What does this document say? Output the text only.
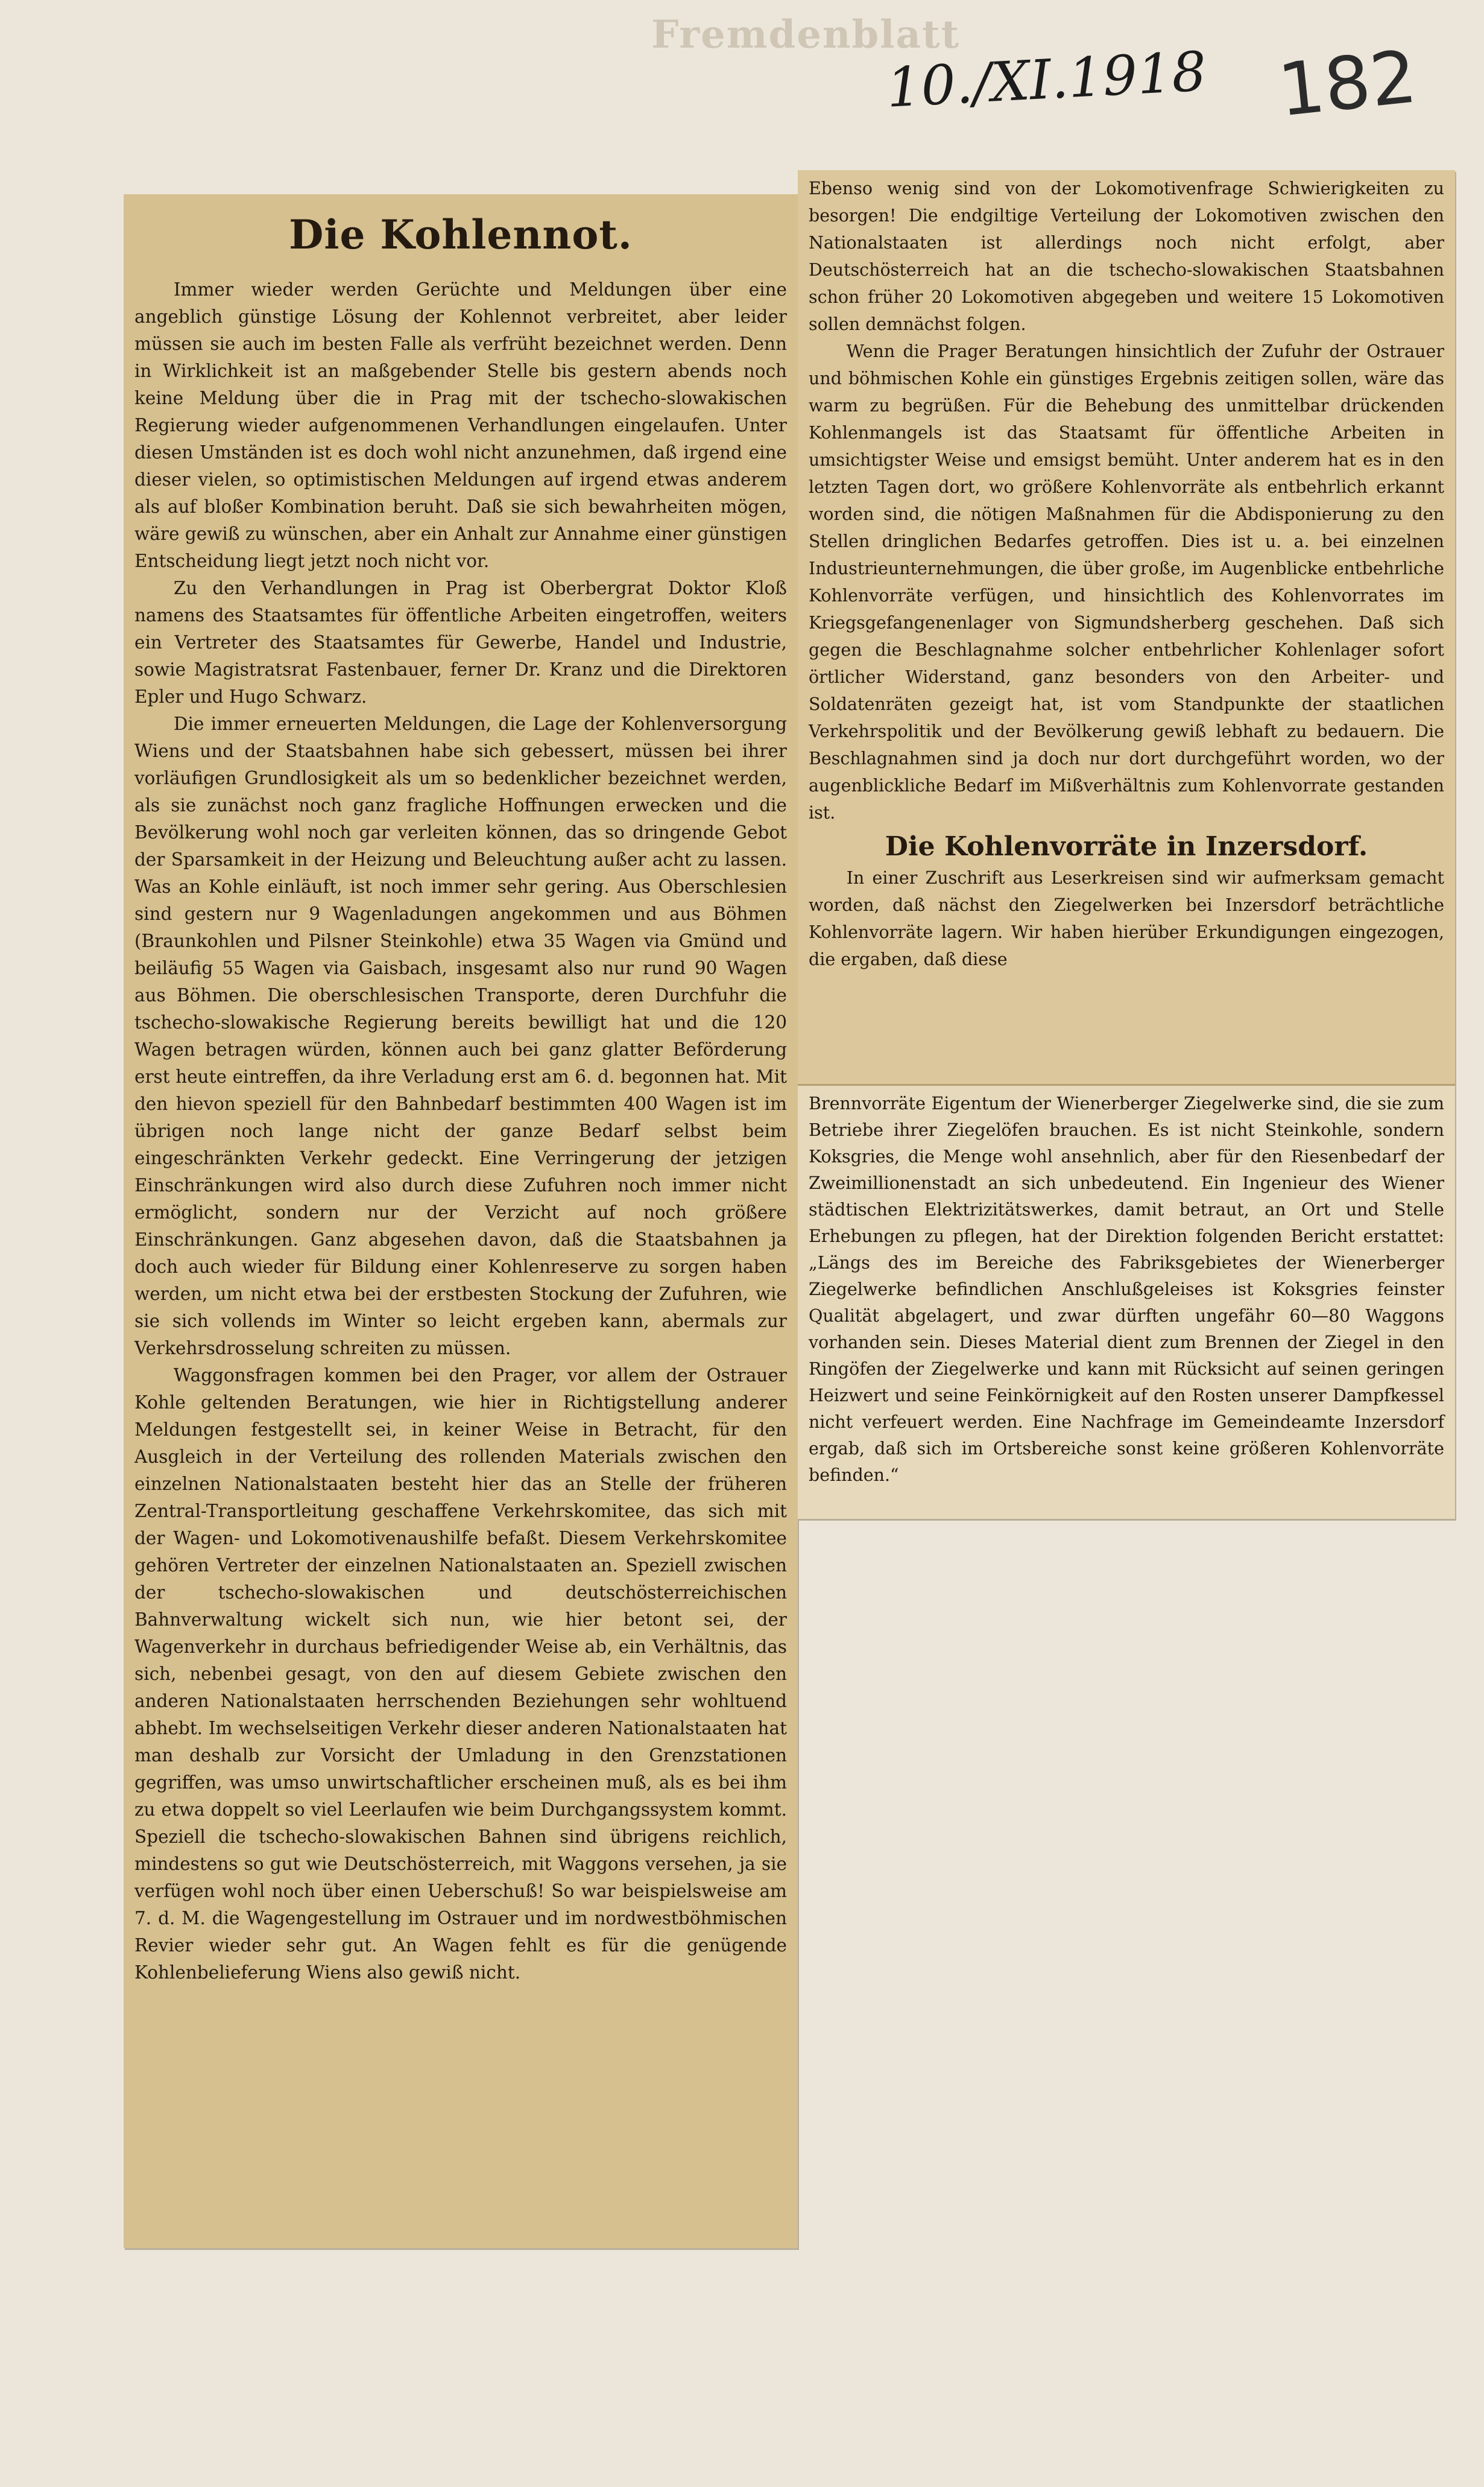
Fremdenblatt
10./XI.1918 182
Die Kohlennot.

Immer wieder werden Gerüchte und Meldungen über eine angeblich günstige Lösung der Kohlennot verbreitet, aber leider müssen sie auch im besten Falle als verfrüht bezeichnet werden. Denn in Wirklichkeit ist an maßgebender Stelle bis gestern abends noch keine Meldung über die in Prag mit der tschecho-slowakischen Regierung wieder aufgenommenen Verhandlungen eingelaufen. Unter diesen Umständen ist es doch wohl nicht anzunehmen, daß irgend eine dieser vielen, so optimistischen Meldungen auf irgend etwas anderem als auf bloßer Kombination beruht. Daß sie sich bewahrheiten mögen, wäre gewiß zu wünschen, aber ein Anhalt zur Annahme einer günstigen Entscheidung liegt jetzt noch nicht vor.

Zu den Verhandlungen in Prag ist Oberbergrat Doktor Kloß namens des Staatsamtes für öffentliche Arbeiten eingetroffen, weiters ein Vertreter des Staatsamtes für Gewerbe, Handel und Industrie, sowie Magistratsrat Fastenbauer, ferner Dr. Kranz und die Direktoren Epler und Hugo Schwarz.

Die immer erneuerten Meldungen, die Lage der Kohlenversorgung Wiens und der Staatsbahnen habe sich gebessert, müssen bei ihrer vorläufigen Grundlosigkeit als um so bedenklicher bezeichnet werden, als sie zunächst noch ganz fragliche Hoffnungen erwecken und die Bevölkerung wohl noch gar verleiten können, das so dringende Gebot der Sparsamkeit in der Heizung und Beleuchtung außer acht zu lassen. Was an Kohle einläuft, ist noch immer sehr gering. Aus Oberschlesien sind gestern nur 9 Wagenladungen angekommen und aus Böhmen (Braunkohlen und Pilsner Steinkohle) etwa 35 Wagen via Gmünd und beiläufig 55 Wagen via Gaisbach, insgesamt also nur rund 90 Wagen aus Böhmen. Die oberschlesischen Transporte, deren Durchfuhr die tschecho-slowakische Regierung bereits bewilligt hat und die 120 Wagen betragen würden, können auch bei ganz glatter Beförderung erst heute eintreffen, da ihre Verladung erst am 6. d. begonnen hat. Mit den hievon speziell für den Bahnbedarf bestimmten 400 Wagen ist im übrigen noch lange nicht der ganze Bedarf selbst beim eingeschränkten Verkehr gedeckt. Eine Verringerung der jetzigen Einschränkungen wird also durch diese Zufuhren noch immer nicht ermöglicht, sondern nur der Verzicht auf noch größere Einschränkungen. Ganz abgesehen davon, daß die Staatsbahnen ja doch auch wieder für Bildung einer Kohlenreserve zu sorgen haben werden, um nicht etwa bei der erstbesten Stockung der Zufuhren, wie sie sich vollends im Winter so leicht ergeben kann, abermals zur Verkehrsdrosselung schreiten zu müssen.

Waggonsfragen kommen bei den Prager, vor allem der Ostrauer Kohle geltenden Beratungen, wie hier in Richtigstellung anderer Meldungen festgestellt sei, in keiner Weise in Betracht, für den Ausgleich in der Verteilung des rollenden Materials zwischen den einzelnen Nationalstaaten besteht hier das an Stelle der früheren Zentral-Transportleitung geschaffene Verkehrskomitee, das sich mit der Wagen- und Lokomotivenaushilfe befaßt. Diesem Verkehrskomitee gehören Vertreter der einzelnen Nationalstaaten an. Speziell zwischen der tschecho-slowakischen und deutschösterreichischen Bahnverwaltung wickelt sich nun, wie hier betont sei, der Wagenverkehr in durchaus befriedigender Weise ab, ein Verhältnis, das sich, nebenbei gesagt, von den auf diesem Gebiete zwischen den anderen Nationalstaaten herrschenden Beziehungen sehr wohltuend abhebt. Im wechselseitigen Verkehr dieser anderen Nationalstaaten hat man deshalb zur Vorsicht der Umladung in den Grenzstationen gegriffen, was umso unwirtschaftlicher erscheinen muß, als es bei ihm zu etwa doppelt so viel Leerlaufen wie beim Durchgangssystem kommt. Speziell die tschecho-slowakischen Bahnen sind übrigens reichlich, mindestens so gut wie Deutschösterreich, mit Waggons versehen, ja sie verfügen wohl noch über einen Ueberschuß! So war beispielsweise am 7. d. M. die Wagengestellung im Ostrauer und im nordwestböhmischen Revier wieder sehr gut. An Wagen fehlt es für die genügende Kohlenbelieferung Wiens also gewiß nicht.

Ebenso wenig sind von der Lokomotivenfrage Schwierigkeiten zu besorgen! Die endgiltige Verteilung der Lokomotiven zwischen den Nationalstaaten ist allerdings noch nicht erfolgt, aber Deutschösterreich hat an die tschecho-slowakischen Staatsbahnen schon früher 20 Lokomotiven abgegeben und weitere 15 Lokomotiven sollen demnächst folgen.

Wenn die Prager Beratungen hinsichtlich der Zufuhr der Ostrauer und böhmischen Kohle ein günstiges Ergebnis zeitigen sollen, wäre das warm zu begrüßen. Für die Behebung des unmittelbar drückenden Kohlenmangels ist das Staatsamt für öffentliche Arbeiten in umsichtigster Weise und emsigst bemüht. Unter anderem hat es in den letzten Tagen dort, wo größere Kohlenvorräte als entbehrlich erkannt worden sind, die nötigen Maßnahmen für die Abdisponierung zu den Stellen dringlichen Bedarfes getroffen. Dies ist u. a. bei einzelnen Industrieunternehmungen, die über große, im Augenblicke entbehrliche Kohlenvorräte verfügen, und hinsichtlich des Kohlenvorrates im Kriegsgefangenenlager von Sigmundsherberg geschehen. Daß sich gegen die Beschlagnahme solcher entbehrlicher Kohlenlager sofort örtlicher Widerstand, ganz besonders von den Arbeiter- und Soldatenräten gezeigt hat, ist vom Standpunkte der staatlichen Verkehrspolitik und der Bevölkerung gewiß lebhaft zu bedauern. Die Beschlagnahmen sind ja doch nur dort durchgeführt worden, wo der augenblickliche Bedarf im Mißverhältnis zum Kohlenvorrate gestanden ist.

Die Kohlenvorräte in Inzersdorf.

In einer Zuschrift aus Leserkreisen sind wir aufmerksam gemacht worden, daß nächst den Ziegelwerken bei Inzersdorf beträchtliche Kohlenvorräte lagern. Wir haben hierüber Erkundigungen eingezogen, die ergaben, daß diese

Brennvorräte Eigentum der Wienerberger Ziegelwerke sind, die sie zum Betriebe ihrer Ziegelöfen brauchen. Es ist nicht Steinkohle, sondern Koksgries, die Menge wohl ansehnlich, aber für den Riesenbedarf der Zweimillionenstadt an sich unbedeutend. Ein Ingenieur des Wiener städtischen Elektrizitätswerkes, damit betraut, an Ort und Stelle Erhebungen zu pflegen, hat der Direktion folgenden Bericht erstattet: „Längs des im Bereiche des Fabriksgebietes der Wienerberger Ziegelwerke befindlichen Anschlußgeleises ist Koksgries feinster Qualität abgelagert, und zwar dürften ungefähr 60—80 Waggons vorhanden sein. Dieses Material dient zum Brennen der Ziegel in den Ringöfen der Ziegelwerke und kann mit Rücksicht auf seinen geringen Heizwert und seine Feinkörnigkeit auf den Rosten unserer Dampfkessel nicht verfeuert werden. Eine Nachfrage im Gemeindeamte Inzersdorf ergab, daß sich im Ortsbereiche sonst keine größeren Kohlenvorräte befinden.“
